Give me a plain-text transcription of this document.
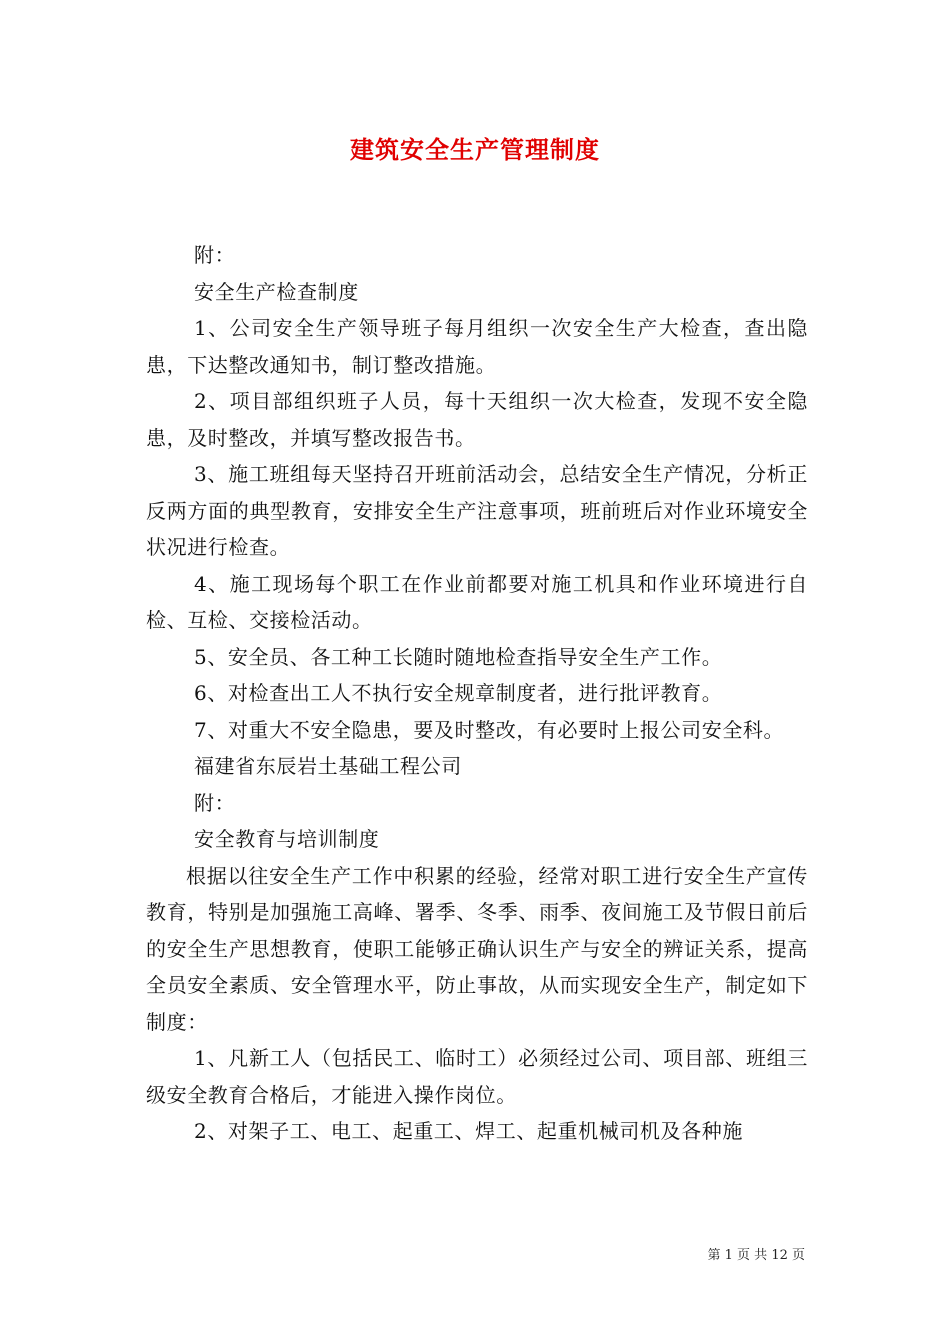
建筑安全生产管理制度

附：

安全生产检查制度

1、公司安全生产领导班子每月组织一次安全生产大检查，查出隐患，下达整改通知书，制订整改措施。

2、项目部组织班子人员，每十天组织一次大检查，发现不安全隐患，及时整改，并填写整改报告书。

3、施工班组每天坚持召开班前活动会，总结安全生产情况，分析正反两方面的典型教育，安排安全生产注意事项，班前班后对作业环境安全状况进行检查。

4、施工现场每个职工在作业前都要对施工机具和作业环境进行自检、互检、交接检活动。

5、安全员、各工种工长随时随地检查指导安全生产工作。

6、对检查出工人不执行安全规章制度者，进行批评教育。

7、对重大不安全隐患，要及时整改，有必要时上报公司安全科。

福建省东辰岩土基础工程公司

附：

安全教育与培训制度

根据以往安全生产工作中积累的经验，经常对职工进行安全生产宣传教育，特别是加强施工高峰、署季、冬季、雨季、夜间施工及节假日前后的安全生产思想教育，使职工能够正确认识生产与安全的辨证关系，提高全员安全素质、安全管理水平，防止事故，从而实现安全生产，制定如下制度：

1、凡新工人（包括民工、临时工）必须经过公司、项目部、班组三级安全教育合格后，才能进入操作岗位。

2、对架子工、电工、起重工、焊工、起重机械司机及各种施

第 1 页 共 12 页
